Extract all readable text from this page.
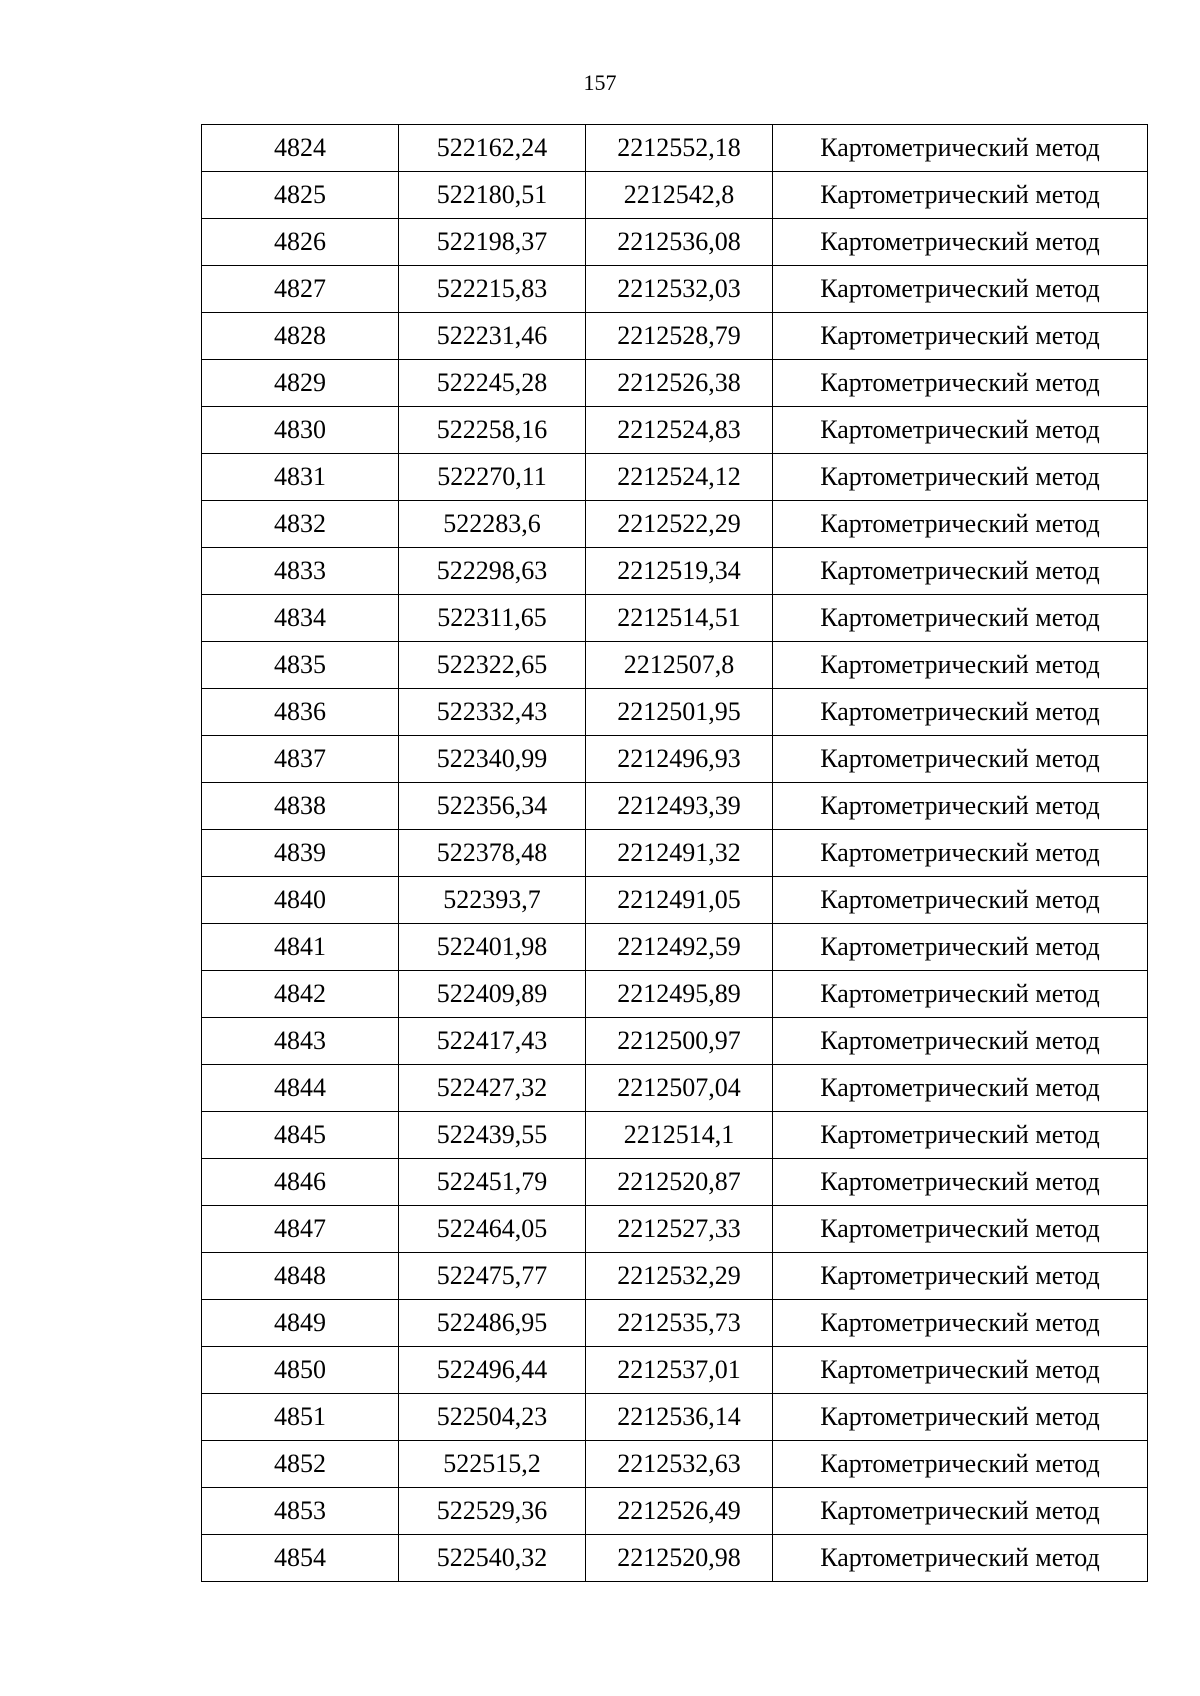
157
4824	522162,24	2212552,18	Картометрический метод
4825	522180,51	2212542,8	Картометрический метод
4826	522198,37	2212536,08	Картометрический метод
4827	522215,83	2212532,03	Картометрический метод
4828	522231,46	2212528,79	Картометрический метод
4829	522245,28	2212526,38	Картометрический метод
4830	522258,16	2212524,83	Картометрический метод
4831	522270,11	2212524,12	Картометрический метод
4832	522283,6	2212522,29	Картометрический метод
4833	522298,63	2212519,34	Картометрический метод
4834	522311,65	2212514,51	Картометрический метод
4835	522322,65	2212507,8	Картометрический метод
4836	522332,43	2212501,95	Картометрический метод
4837	522340,99	2212496,93	Картометрический метод
4838	522356,34	2212493,39	Картометрический метод
4839	522378,48	2212491,32	Картометрический метод
4840	522393,7	2212491,05	Картометрический метод
4841	522401,98	2212492,59	Картометрический метод
4842	522409,89	2212495,89	Картометрический метод
4843	522417,43	2212500,97	Картометрический метод
4844	522427,32	2212507,04	Картометрический метод
4845	522439,55	2212514,1	Картометрический метод
4846	522451,79	2212520,87	Картометрический метод
4847	522464,05	2212527,33	Картометрический метод
4848	522475,77	2212532,29	Картометрический метод
4849	522486,95	2212535,73	Картометрический метод
4850	522496,44	2212537,01	Картометрический метод
4851	522504,23	2212536,14	Картометрический метод
4852	522515,2	2212532,63	Картометрический метод
4853	522529,36	2212526,49	Картометрический метод
4854	522540,32	2212520,98	Картометрический метод
